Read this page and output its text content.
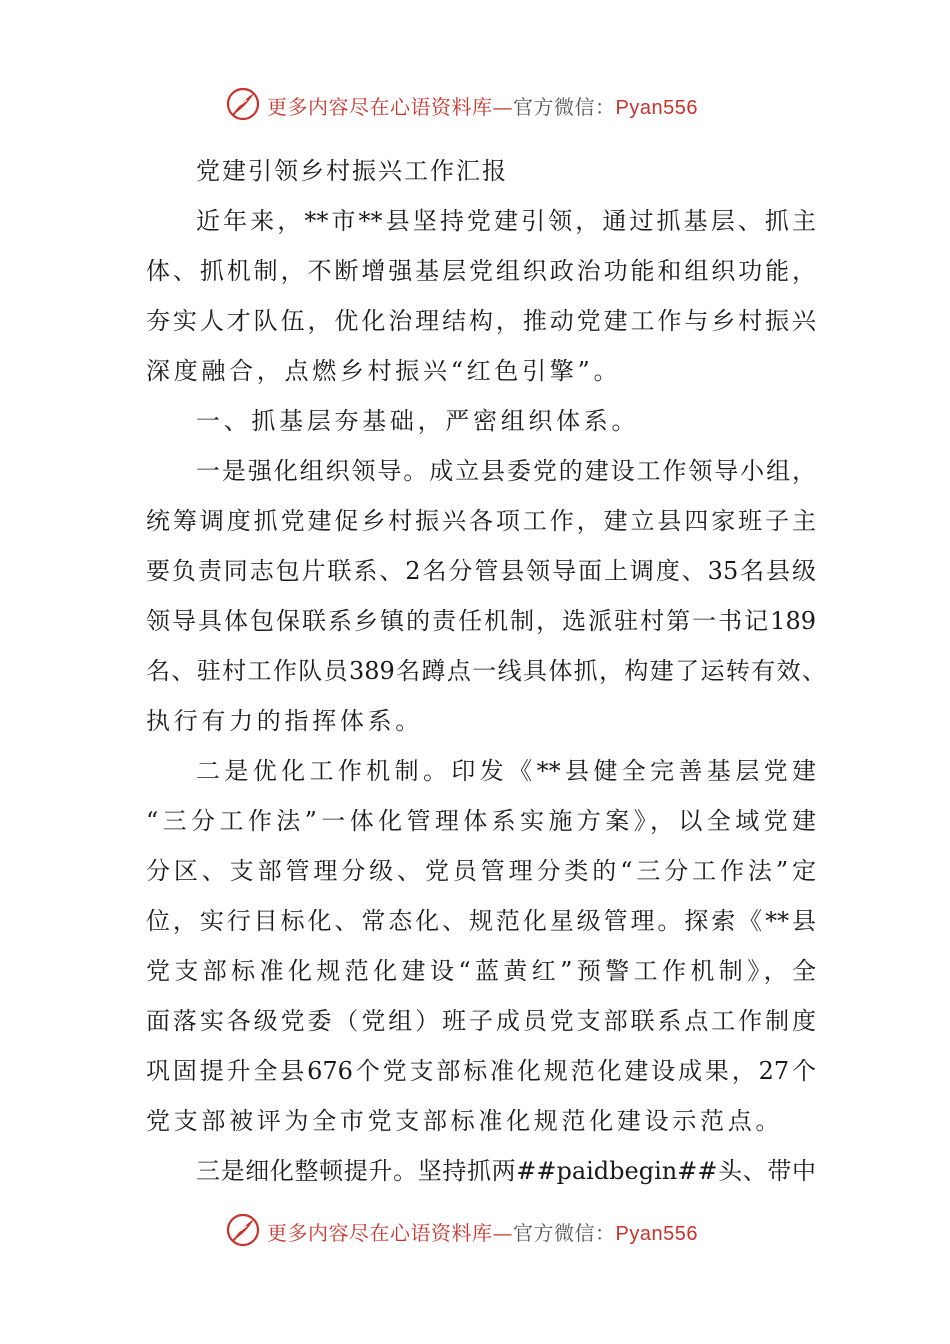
更多内容尽在心语资料库—官方微信：Pyan556
党建引领乡村振兴工作汇报
近年来，**市**县坚持党建引领，通过抓基层、抓主
体、抓机制，不断增强基层党组织政治功能和组织功能，
夯实人才队伍，优化治理结构，推动党建工作与乡村振兴
深度融合，点燃乡村振兴“红色引擎”。
一、抓基层夯基础，严密组织体系。
一是强化组织领导。成立县委党的建设工作领导小组，
统筹调度抓党建促乡村振兴各项工作，建立县四家班子主
要负责同志包片联系、2名分管县领导面上调度、35名县级
领导具体包保联系乡镇的责任机制，选派驻村第一书记189
名、驻村工作队员389名蹲点一线具体抓，构建了运转有效、
执行有力的指挥体系。
二是优化工作机制。印发《**县健全完善基层党建
“三分工作法”一体化管理体系实施方案》，以全域党建
分区、支部管理分级、党员管理分类的“三分工作法”定
位，实行目标化、常态化、规范化星级管理。探索《**县
党支部标准化规范化建设“蓝黄红”预警工作机制》，全
面落实各级党委（党组）班子成员党支部联系点工作制度
巩固提升全县676个党支部标准化规范化建设成果，27个
党支部被评为全市党支部标准化规范化建设示范点。
三是细化整顿提升。坚持抓两##paidbegin##头、带中
更多内容尽在心语资料库—官方微信：Pyan556
